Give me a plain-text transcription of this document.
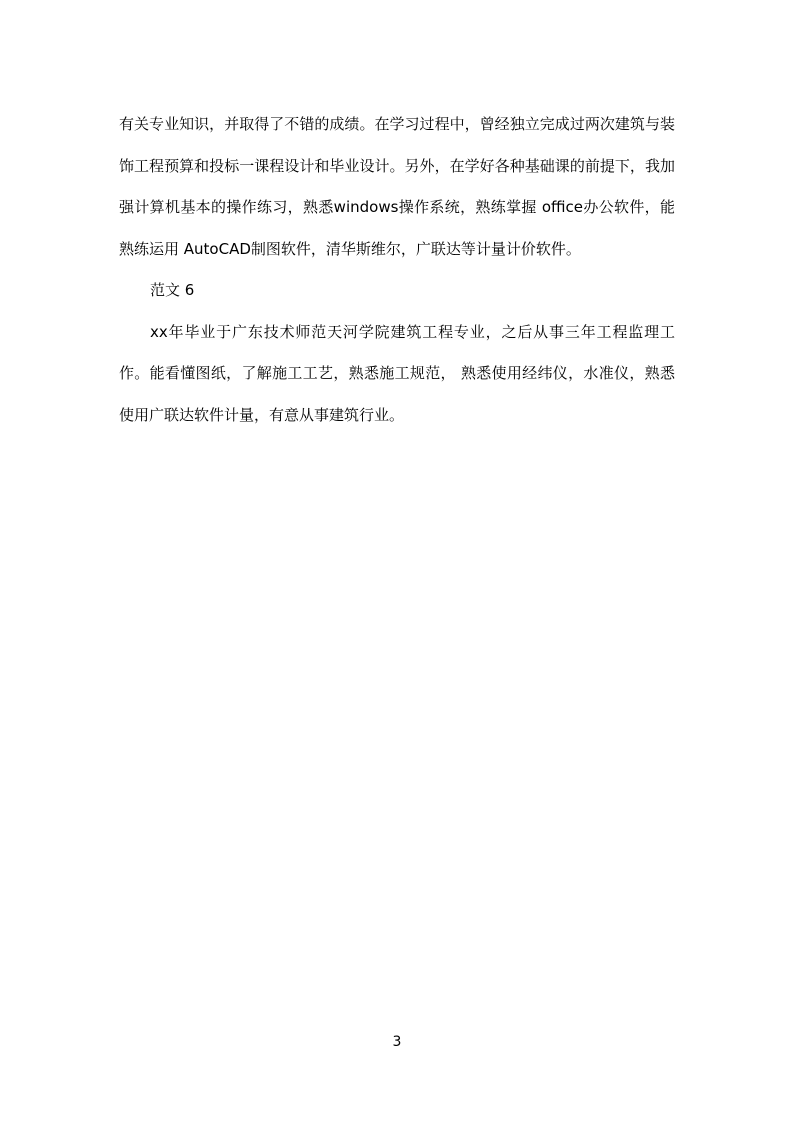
有关专业知识，并取得了不错的成绩。在学习过程中，曾经独立完成过两次建筑与装饰工程预算和投标一课程设计和毕业设计。另外，在学好各种基础课的前提下，我加强计算机基本的操作练习，熟悉windows操作系统，熟练掌握 office办公软件，能熟练运用 AutoCAD制图软件，清华斯维尔，广联达等计量计价软件。

范文 6

xx年毕业于广东技术师范天河学院建筑工程专业，之后从事三年工程监理工作。能看懂图纸，了解施工工艺，熟悉施工规范， 熟悉使用经纬仪，水准仪，熟悉使用广联达软件计量，有意从事建筑行业。

3
